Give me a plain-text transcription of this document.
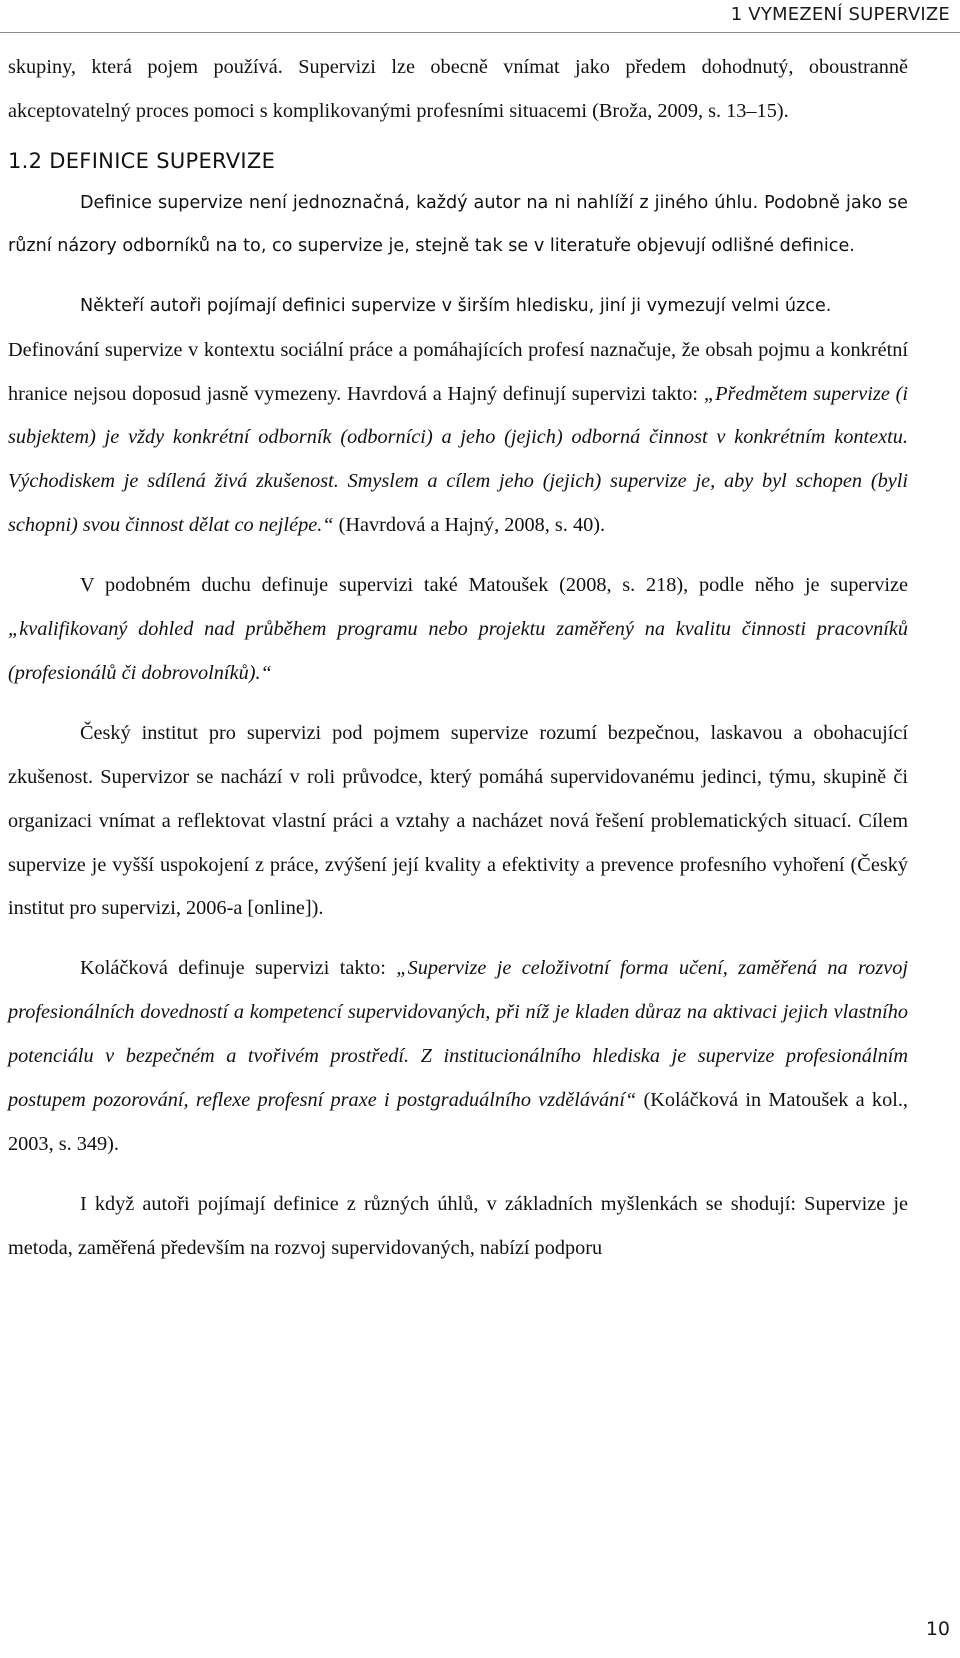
1 VYMEZENÍ SUPERVIZE

skupiny, která pojem používá. Supervizi lze obecně vnímat jako předem dohodnutý, oboustranně akceptovatelný proces pomoci s komplikovanými profesními situacemi (Broža, 2009, s. 13–15).

1.2 DEFINICE SUPERVIZE

Definice supervize není jednoznačná, každý autor na ni nahlíží z jiného úhlu. Podobně jako se různí názory odborníků na to, co supervize je, stejně tak se v literatuře objevují odlišné definice.

Někteří autoři pojímají definici supervize v širším hledisku, jiní ji vymezují velmi úzce.

Definování supervize v kontextu sociální práce a pomáhajících profesí naznačuje, že obsah pojmu a konkrétní hranice nejsou doposud jasně vymezeny. Havrdová a Hajný definují supervizi takto: „Předmětem supervize (i subjektem) je vždy konkrétní odborník (odborníci) a jeho (jejich) odborná činnost v konkrétním kontextu. Východiskem je sdílená živá zkušenost. Smyslem a cílem jeho (jejich) supervize je, aby byl schopen (byli schopni) svou činnost dělat co nejlépe.“ (Havrdová a Hajný, 2008, s. 40).

V podobném duchu definuje supervizi také Matoušek (2008, s. 218), podle něho je supervize „kvalifikovaný dohled nad průběhem programu nebo projektu zaměřený na kvalitu činnosti pracovníků (profesionálů či dobrovolníků).“

Český institut pro supervizi pod pojmem supervize rozumí bezpečnou, laskavou a obohacující zkušenost. Supervizor se nachází v roli průvodce, který pomáhá supervidovanému jedinci, týmu, skupině či organizaci vnímat a reflektovat vlastní práci a vztahy a nacházet nová řešení problematických situací. Cílem supervize je vyšší uspokojení z práce, zvýšení její kvality a efektivity a prevence profesního vyhoření (Český institut pro supervizi, 2006-a [online]).

Koláčková definuje supervizi takto: „Supervize je celoživotní forma učení, zaměřená na rozvoj profesionálních dovedností a kompetencí supervidovaných, při níž je kladen důraz na aktivaci jejich vlastního potenciálu v bezpečném a tvořivém prostředí. Z institucionálního hlediska je supervize profesionálním postupem pozorování, reflexe profesní praxe i postgraduálního vzdělávání“ (Koláčková in Matoušek a kol., 2003, s. 349).

I když autoři pojímají definice z různých úhlů, v základních myšlenkách se shodují: Supervize je metoda, zaměřená především na rozvoj supervidovaných, nabízí podporu

10
